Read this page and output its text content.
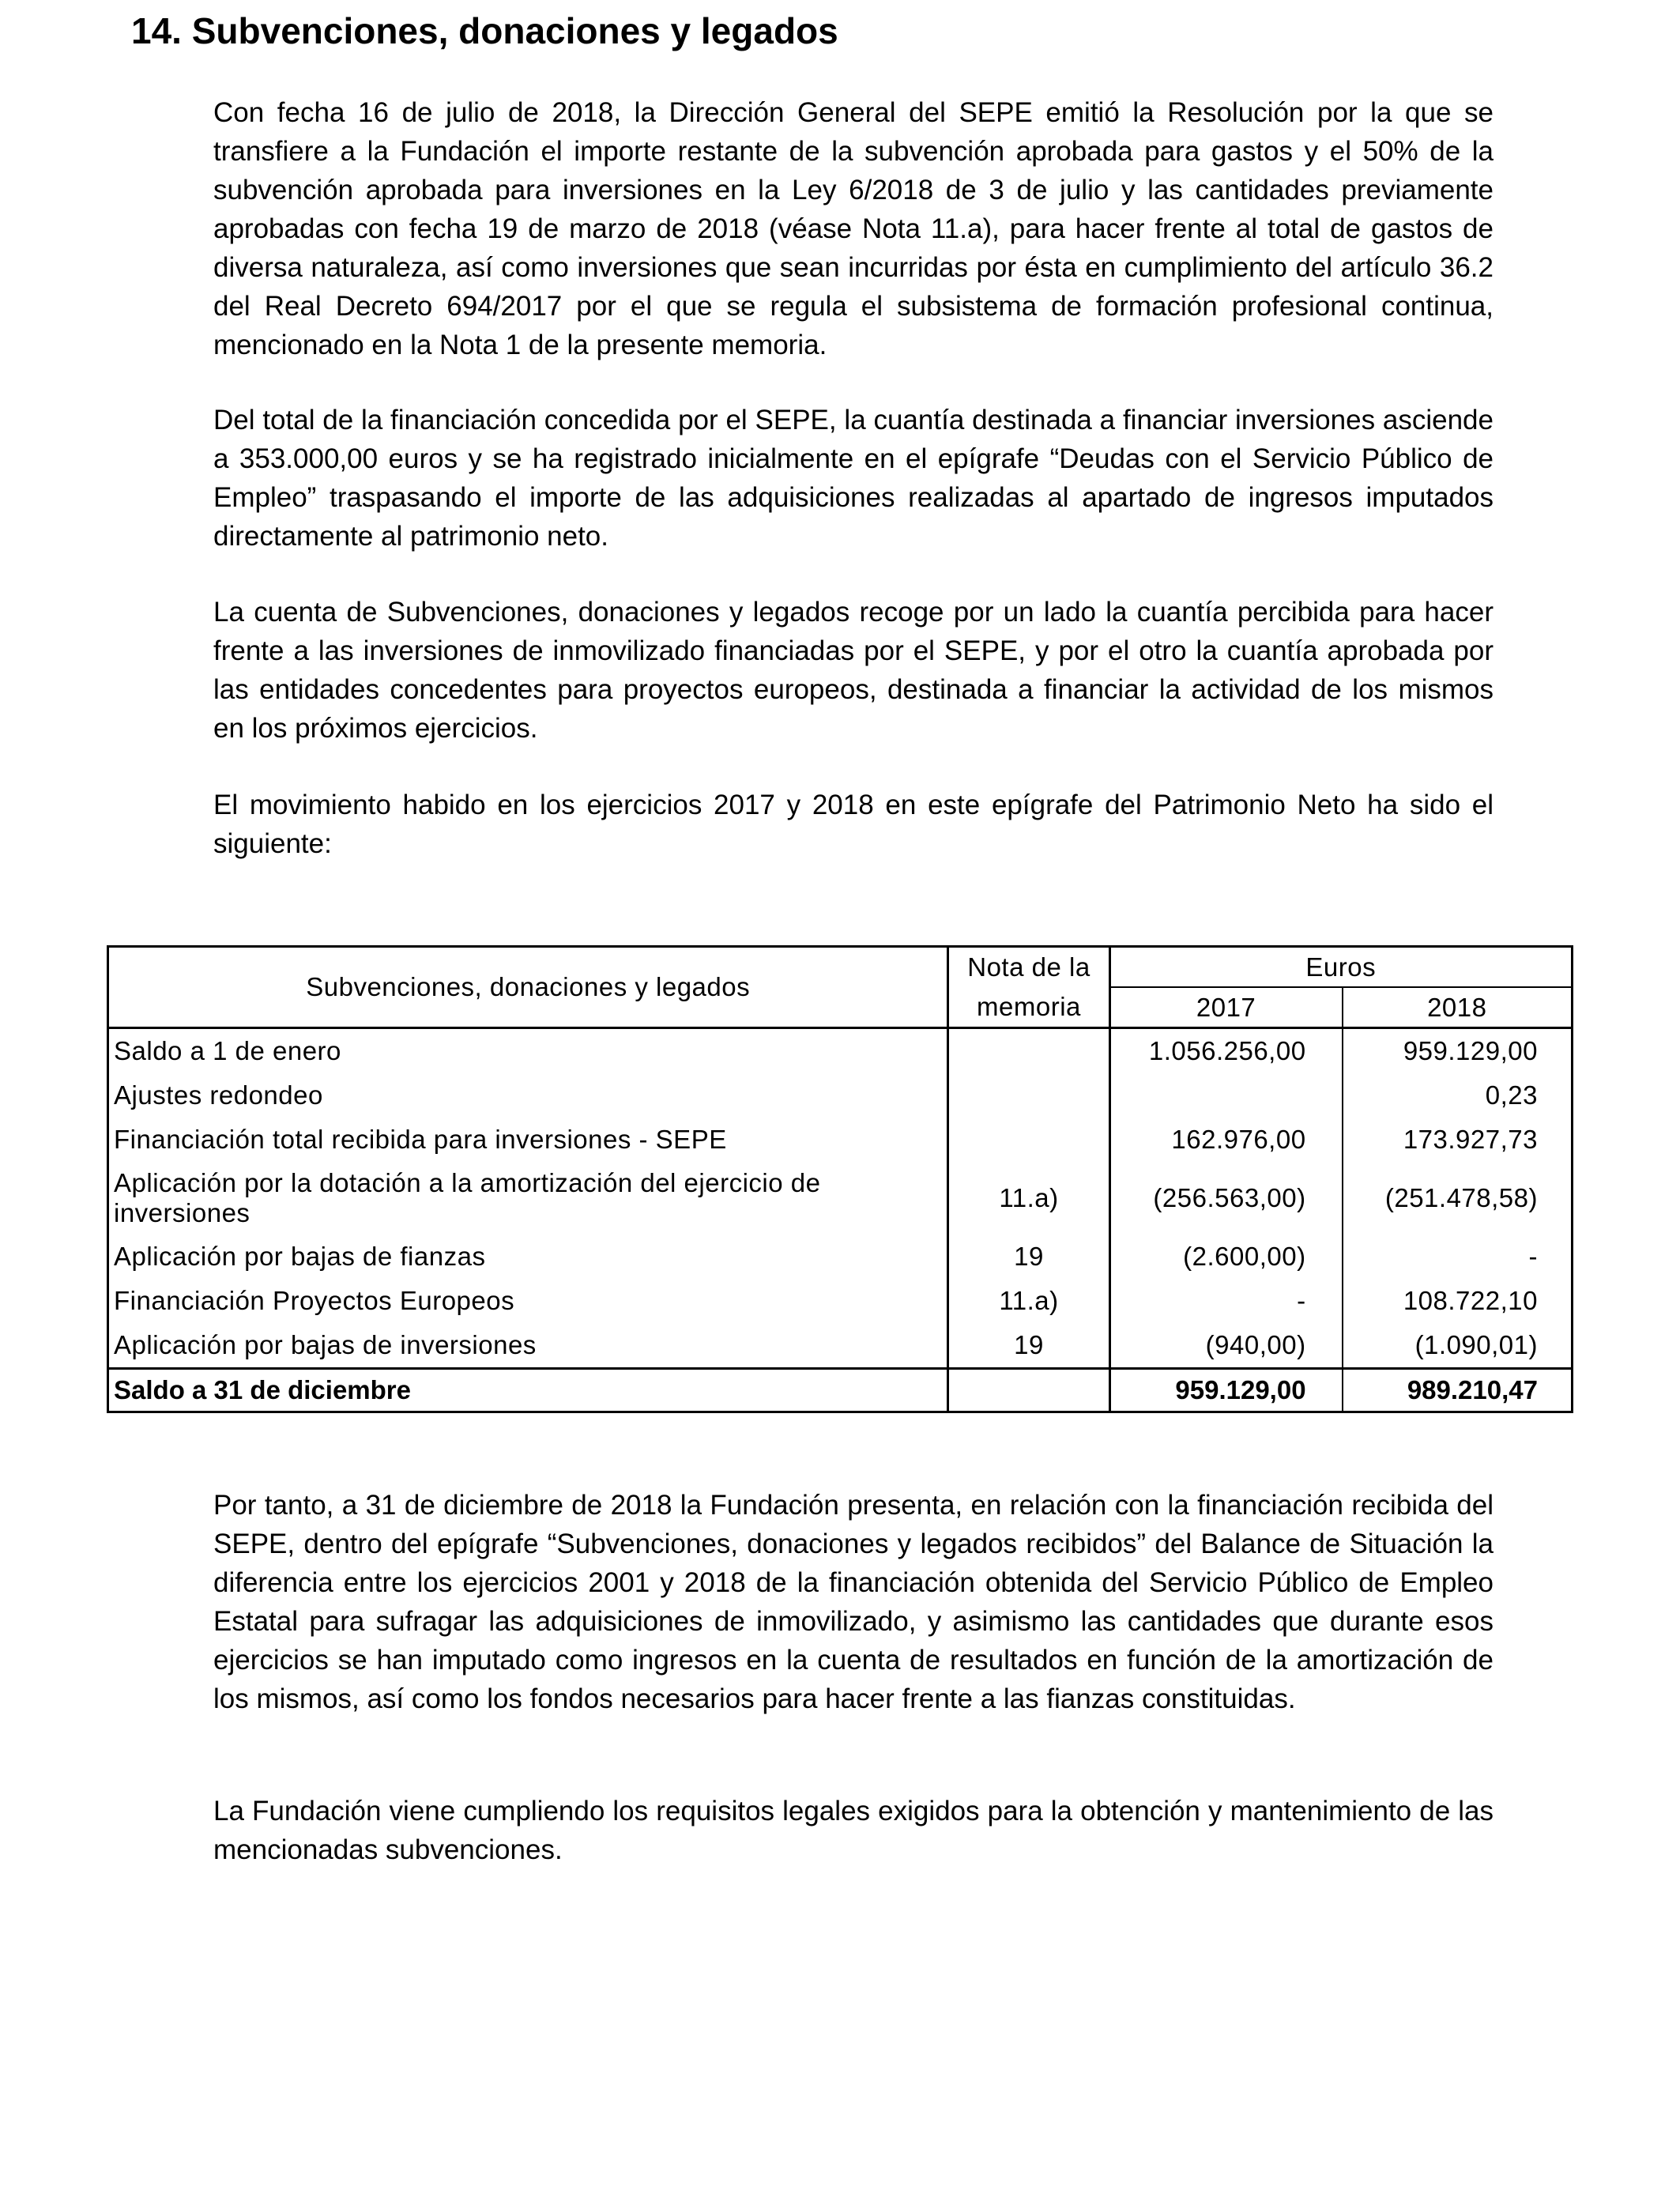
14. Subvenciones, donaciones y legados

Con fecha 16 de julio de 2018, la Dirección General del SEPE emitió la Resolución por la que se transfiere a la Fundación el importe restante de la subvención aprobada para gastos y el 50% de la subvención aprobada para inversiones en la Ley 6/2018 de 3 de julio y las cantidades previamente aprobadas con fecha 19 de marzo de 2018 (véase Nota 11.a), para hacer frente al total de gastos de diversa naturaleza, así como inversiones que sean incurridas por ésta en cumplimiento del artículo 36.2 del Real Decreto 694/2017 por el que se regula el subsistema de formación profesional continua, mencionado en la Nota 1 de la presente memoria.

Del total de la financiación concedida por el SEPE, la cuantía destinada a financiar inversiones asciende a 353.000,00 euros y se ha registrado inicialmente en el epígrafe “Deudas con el Servicio Público de Empleo” traspasando el importe de las adquisiciones realizadas al apartado de ingresos imputados directamente al patrimonio neto.

La cuenta de Subvenciones, donaciones y legados recoge por un lado la cuantía percibida para hacer frente a las inversiones de inmovilizado financiadas por el SEPE, y por el otro la cuantía aprobada por las entidades concedentes para proyectos europeos, destinada a financiar la actividad de los mismos en los próximos ejercicios.

El movimiento habido en los ejercicios 2017 y 2018 en este epígrafe del Patrimonio Neto ha sido el siguiente:

Subvenciones, donaciones y legados	Nota de la	Euros	
	memoria	2017	2018
Saldo a 1 de enero		1.056.256,00	959.129,00
Ajustes redondeo			0,23
Financiación total recibida para inversiones - SEPE		162.976,00	173.927,73
Aplicación por la dotación a la amortización del ejercicio de inversiones	11.a)	(256.563,00)	(251.478,58)
Aplicación por bajas de fianzas	19	(2.600,00)	-
Financiación Proyectos Europeos	11.a)	-	108.722,10
Aplicación por bajas de inversiones	19	(940,00)	(1.090,01)
Saldo a 31 de diciembre		959.129,00	989.210,47

Por tanto, a 31 de diciembre de 2018 la Fundación presenta, en relación con la financiación recibida del SEPE, dentro del epígrafe “Subvenciones, donaciones y legados recibidos” del Balance de Situación la diferencia entre los ejercicios 2001 y 2018 de la financiación obtenida del Servicio Público de Empleo Estatal para sufragar las adquisiciones de inmovilizado, y asimismo las cantidades que durante esos ejercicios se han imputado como ingresos en la cuenta de resultados en función de la amortización de los mismos, así como los fondos necesarios para hacer frente a las fianzas constituidas.

La Fundación viene cumpliendo los requisitos legales exigidos para la obtención y mantenimiento de las mencionadas subvenciones.
